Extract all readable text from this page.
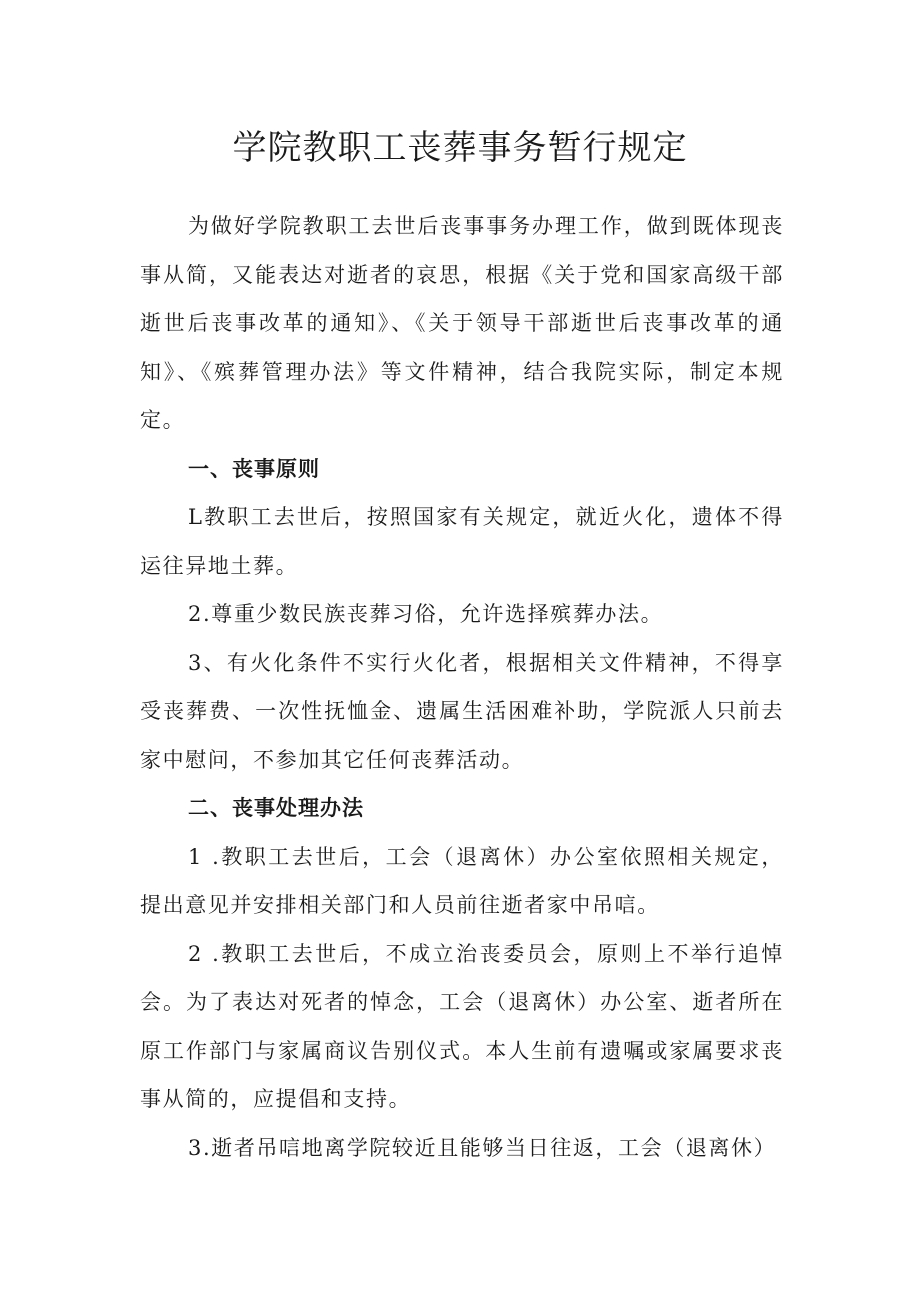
学院教职工丧葬事务暂行规定

为做好学院教职工去世后丧事事务办理工作，做到既体现丧事从简，又能表达对逝者的哀思，根据《关于党和国家高级干部逝世后丧事改革的通知》、《关于领导干部逝世后丧事改革的通知》、《殡葬管理办法》等文件精神，结合我院实际，制定本规定。

一、丧事原则

L教职工去世后，按照国家有关规定，就近火化，遗体不得运往异地土葬。

2.尊重少数民族丧葬习俗，允许选择殡葬办法。

3、有火化条件不实行火化者，根据相关文件精神，不得享受丧葬费、一次性抚恤金、遗属生活困难补助，学院派人只前去家中慰问，不参加其它任何丧葬活动。

二、丧事处理办法

1 .教职工去世后，工会（退离休）办公室依照相关规定，提出意见并安排相关部门和人员前往逝者家中吊唁。

2 .教职工去世后，不成立治丧委员会，原则上不举行追悼会。为了表达对死者的悼念，工会（退离休）办公室、逝者所在原工作部门与家属商议告别仪式。本人生前有遗嘱或家属要求丧事从简的，应提倡和支持。

3.逝者吊唁地离学院较近且能够当日往返，工会（退离休）
